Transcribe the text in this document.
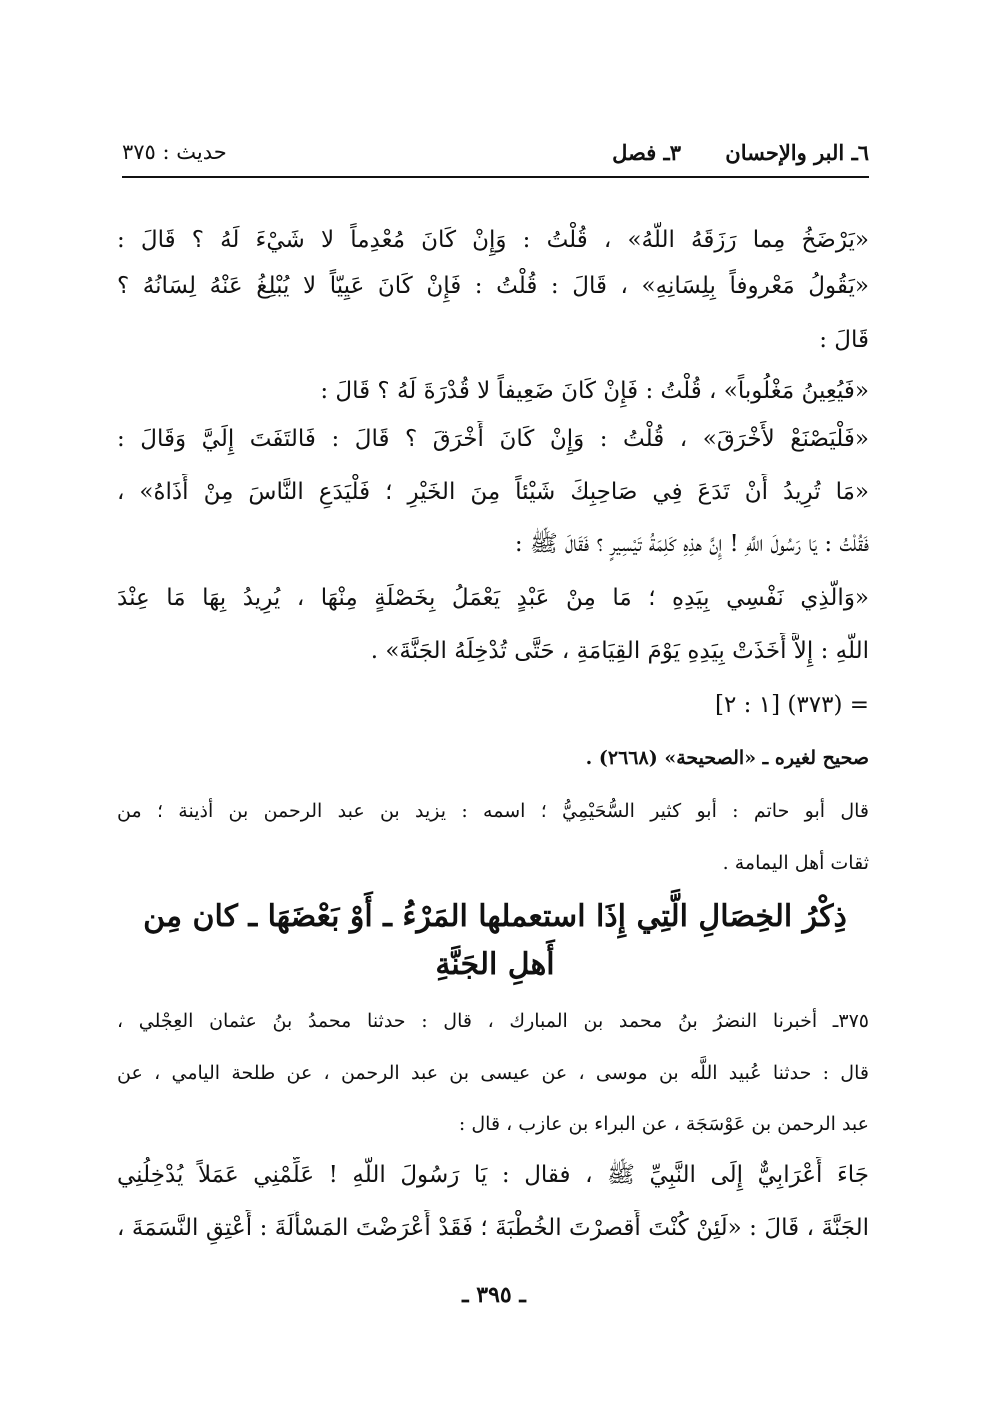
٦ـ البر والإحسان
٣ـ فصل
حديث : ٣٧٥
«يَرْضَخُ مِما رَزَقَهُ اللَّهُ» ، قُلْتُ : وَإِنْ كَانَ مُعْدِماً لا شَيْءَ لَهُ ؟ قَالَ :
«يَقُولُ مَعْروفاً بِلِسَانِهِ» ، قَالَ : قُلْتُ : فَإِنْ كَانَ عَيِيّاً لا يُبْلِغُ عَنْهُ لِسَانُهُ ؟
قَالَ :
«فَيُعِينُ مَغْلُوباً» ، قُلْتُ : فَإِنْ كَانَ ضَعِيفاً لا قُدْرَةَ لَهُ ؟ قَالَ :
«فَلْيَصْنَعْ لأَخْرَقَ» ، قُلْتُ : وَإِنْ كَانَ أَخْرَقَ ؟ قَالَ : فَالتَفَتَ إِلَيَّ وَقَالَ :
«مَا تُرِيدُ أَنْ تَدَعَ فِي صَاحِبِكَ شَيْئاً مِنَ الخَيْرِ ؛ فَلْيَدَعِ النَّاسَ مِنْ أَذَاهُ» ،
فَقُلْتُ : يَا رَسُولَ اللَّهِ ! إِنَّ هذِهِ كَلِمَةُ تَيْسِيرٍ ؟ فَقَالَ ﷺ :
«وَالَّذِي نَفْسِي بِيَدِهِ ؛ مَا مِنْ عَبْدٍ يَعْمَلُ بِخَصْلَةٍ مِنْهَا ، يُرِيدُ بِهَا مَا عِنْدَ
اللَّهِ : إِلاَّ أَخَذَتْ بِيَدِهِ يَوْمَ القِيَامَةِ ، حَتَّى تُدْخِلَهُ الجَنَّةَ» .
= (٣٧٣) [١ : ٢]
صحيح لغيره ـ «الصحيحة» (٢٦٦٨) .
قال أبو حاتم : أبو كثير السُّحَيْمِيُّ ؛ اسمه : يزيد بن عبد الرحمن بن أذينة ؛ من
ثقات أهل اليمامة .
ذِكْرُ الخِصَالِ الَّتِي إِذَا استعملها المَرْءُ ـ أَوْ بَعْضَهَا ـ كان مِن
أَهلِ الجَنَّةِ
٣٧٥ـ أخبرنا النضرُ بنُ محمد بن المبارك ، قال : حدثنا محمدُ بنُ عثمان العِجْلي ،
قال : حدثنا عُبيد اللَّه بن موسى ، عن عيسى بن عبد الرحمن ، عن طلحة اليامي ، عن
عبد الرحمن بن عَوْسَجَة ، عن البراء بن عازب ، قال :
جَاءَ أَعْرَابِيٌّ إِلَى النَّبِيِّ ﷺ ، فقال : يَا رَسُولَ اللَّهِ ! عَلِّمْنِي عَمَلاً يُدْخِلُنِي
الجَنَّةَ ، قَالَ : «لَئِنْ كُنْتَ أَقصرْتَ الخُطْبَةَ ؛ فَقَدْ أَعْرَضْتَ المَسْأَلَةَ : أَعْتِقِ النَّسَمَةَ ،
ـ ٣٩٥ ـ
